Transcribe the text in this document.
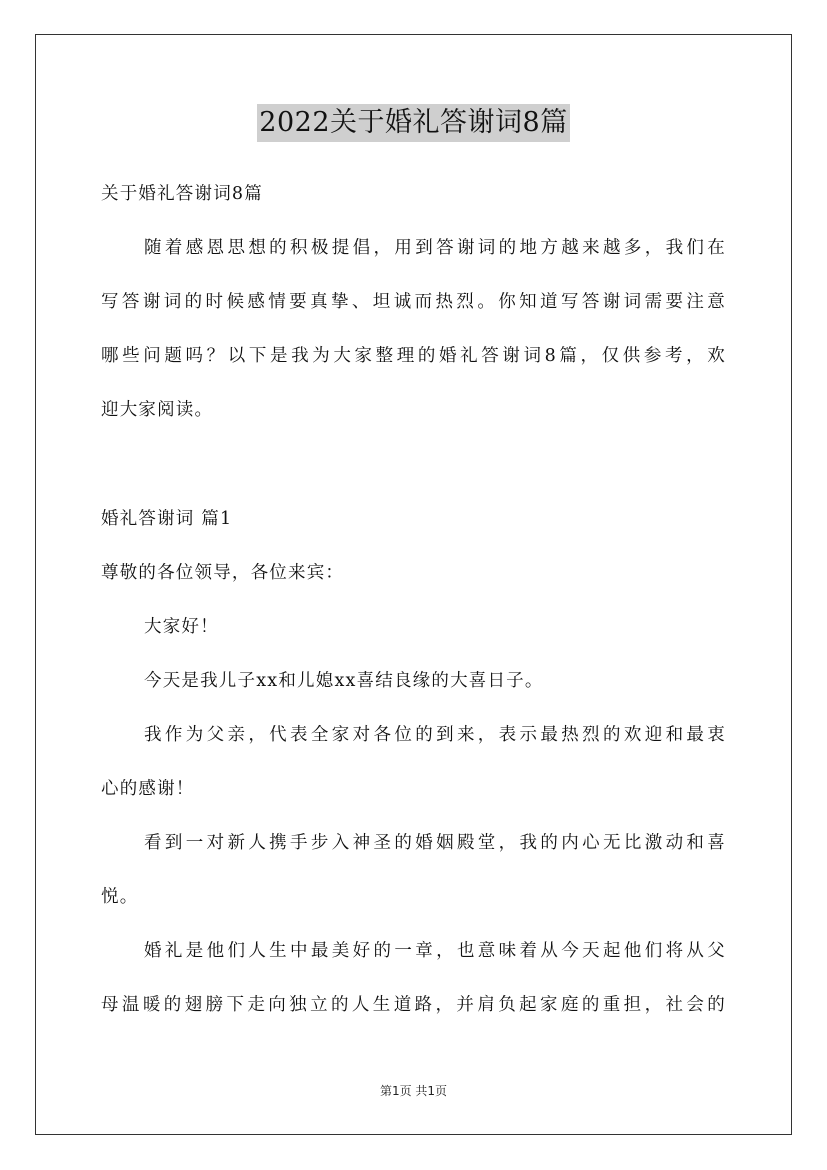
2022关于婚礼答谢词8篇
关于婚礼答谢词8篇
随着感恩思想的积极提倡，用到答谢词的地方越来越多，我们在
写答谢词的时候感情要真挚、坦诚而热烈。你知道写答谢词需要注意
哪些问题吗？以下是我为大家整理的婚礼答谢词8篇，仅供参考，欢
迎大家阅读。
婚礼答谢词 篇1
尊敬的各位领导，各位来宾：
大家好！
今天是我儿子xx和儿媳xx喜结良缘的大喜日子。
我作为父亲，代表全家对各位的到来，表示最热烈的欢迎和最衷
心的感谢！
看到一对新人携手步入神圣的婚姻殿堂，我的内心无比激动和喜
悦。
婚礼是他们人生中最美好的一章，也意味着从今天起他们将从父
母温暖的翅膀下走向独立的人生道路，并肩负起家庭的重担，社会的
第1页 共1页
